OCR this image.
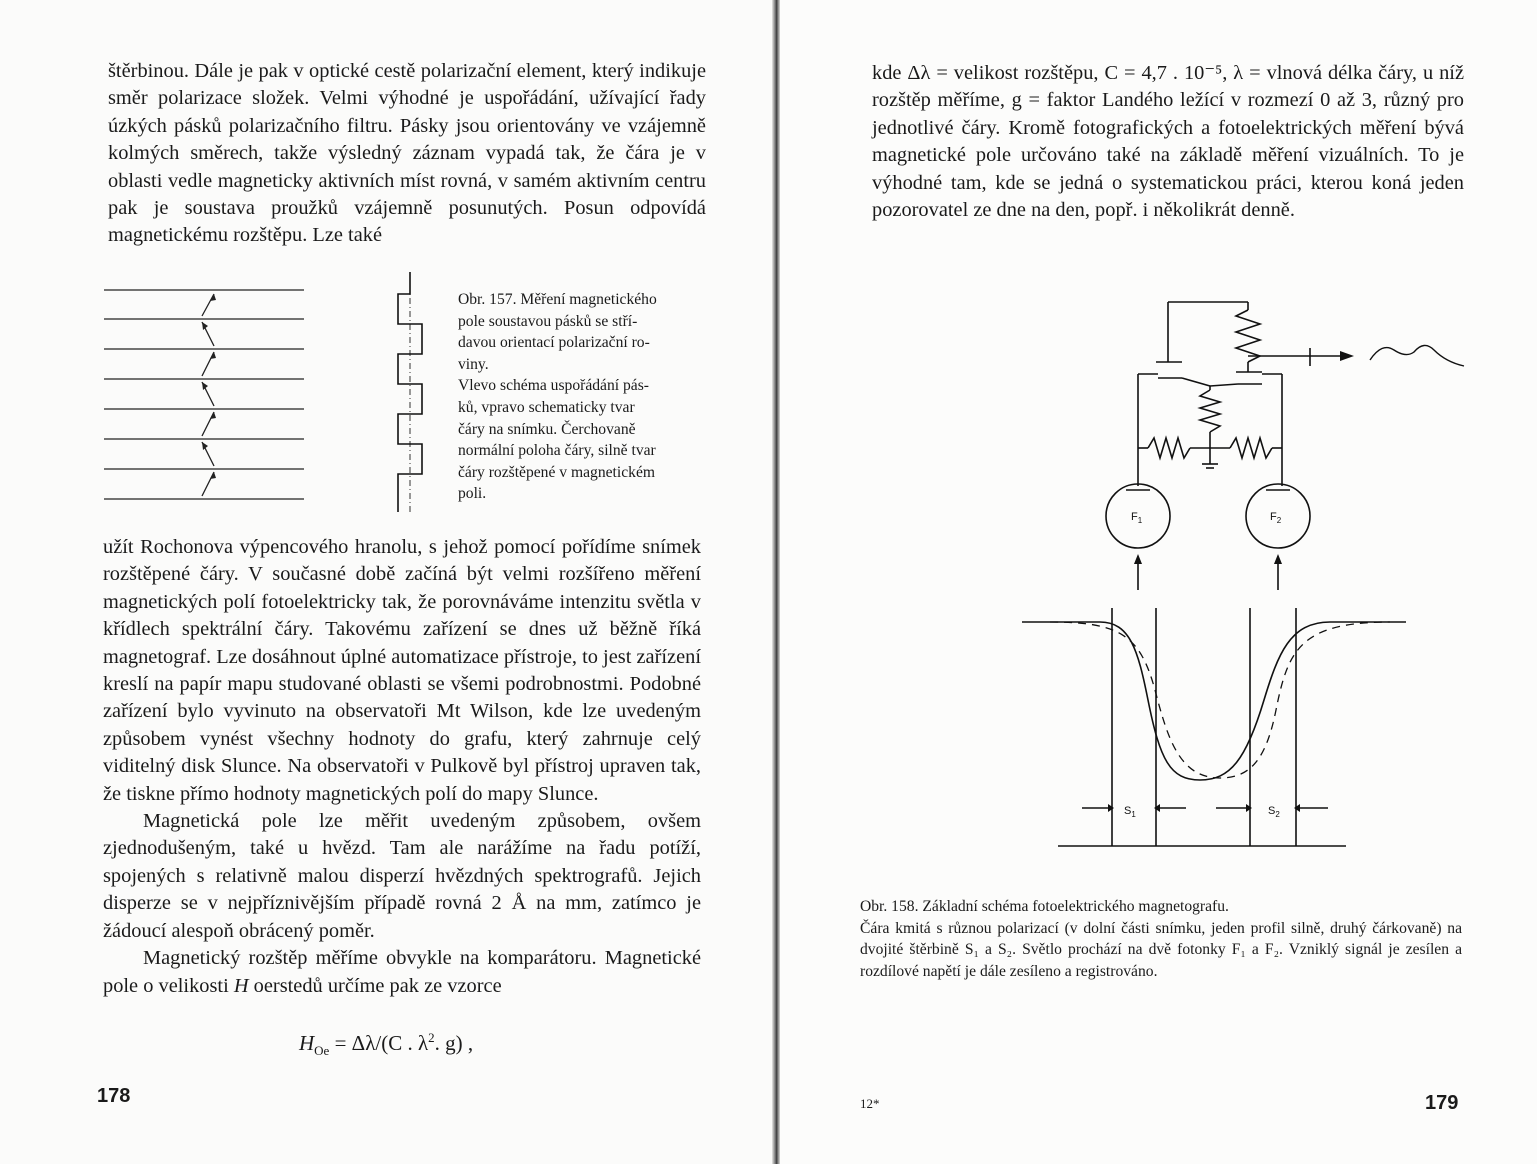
štěrbinou. Dále je pak v optické cestě polarizační element, který indikuje směr polarizace složek. Velmi výhodné je uspořádání, užívající řady úzkých pásků polarizačního filtru. Pásky jsou orientovány ve vzájemně kolmých směrech, takže výsledný záznam vypadá tak, že čára je v oblasti vedle magneticky aktivních míst rovná, v samém aktivním centru pak je soustava proužků vzájemně posunutých. Posun odpovídá magnetickému rozštěpu. Lze také

Obr. 157. Měření magnetického

pole soustavou pásků se stří-

davou orientací polarizační ro-

viny.

Vlevo schéma uspořádání pás-

ků, vpravo schematicky tvar

čáry na snímku. Čerchovaně

normální poloha čáry, silně tvar

čáry rozštěpené v magnetickém

poli.

užít Rochonova výpencového hranolu, s jehož pomocí pořídíme snímek rozštěpené čáry. V současné době začíná být velmi rozšířeno měření magnetických polí fotoelektricky tak, že porovnáváme intenzitu světla v křídlech spektrální čáry. Takovému zařízení se dnes už běžně říká magnetograf. Lze dosáhnout úplné automatizace přístroje, to jest zařízení kreslí na papír mapu studované oblasti se všemi podrobnostmi. Podobné zařízení bylo vyvinuto na observatoři Mt Wilson, kde lze uvedeným způsobem vynést všechny hodnoty do grafu, který zahrnuje celý viditelný disk Slunce. Na observatoři v Pulkově byl přístroj upraven tak, že tiskne přímo hodnoty magnetických polí do mapy Slunce.

Magnetická pole lze měřit uvedeným způsobem, ovšem zjednodušeným, také u hvězd. Tam ale narážíme na řadu potíží, spojených s relativně malou disperzí hvězdných spektrografů. Jejich disperze se v nejpříznivějším případě rovná 2 Å na mm, zatímco je žádoucí alespoň obrácený poměr.

Magnetický rozštěp měříme obvykle na komparátoru. Magnetické pole o velikosti H oerstedů určíme pak ze vzorce

$H_{Oe} = \Delta\lambda/(C$ . $\lambda^2$. g) ,
178

kde Δλ = velikost rozštěpu, C = 4,7 . 10⁻⁵, λ = vlnová délka čáry, u níž rozštěp měříme, g = faktor Landého ležící v rozmezí 0 až 3, různý pro jednotlivé čáry. Kromě fotografických a fotoelektrických měření bývá magnetické pole určováno také na základě měření vizuálních. To je výhodné tam, kde se jedná o systematickou práci, kterou koná jeden pozorovatel ze dne na den, popř. i několikrát denně.

$F_1$	$F_2$
$S_1$	$S_2$

Obr. 158. Základní schéma fotoelektrického magnetografu.

Čára kmitá s různou polarizací (v dolní části snímku, jeden profil silně, druhý čárkovaně) na dvojité štěrbině S₁ a S₂. Světlo prochází na dvě fotonky F₁ a F₂. Vzniklý signál je zesílen a rozdílové napětí je dále zesíleno a registrováno.

12*	179
